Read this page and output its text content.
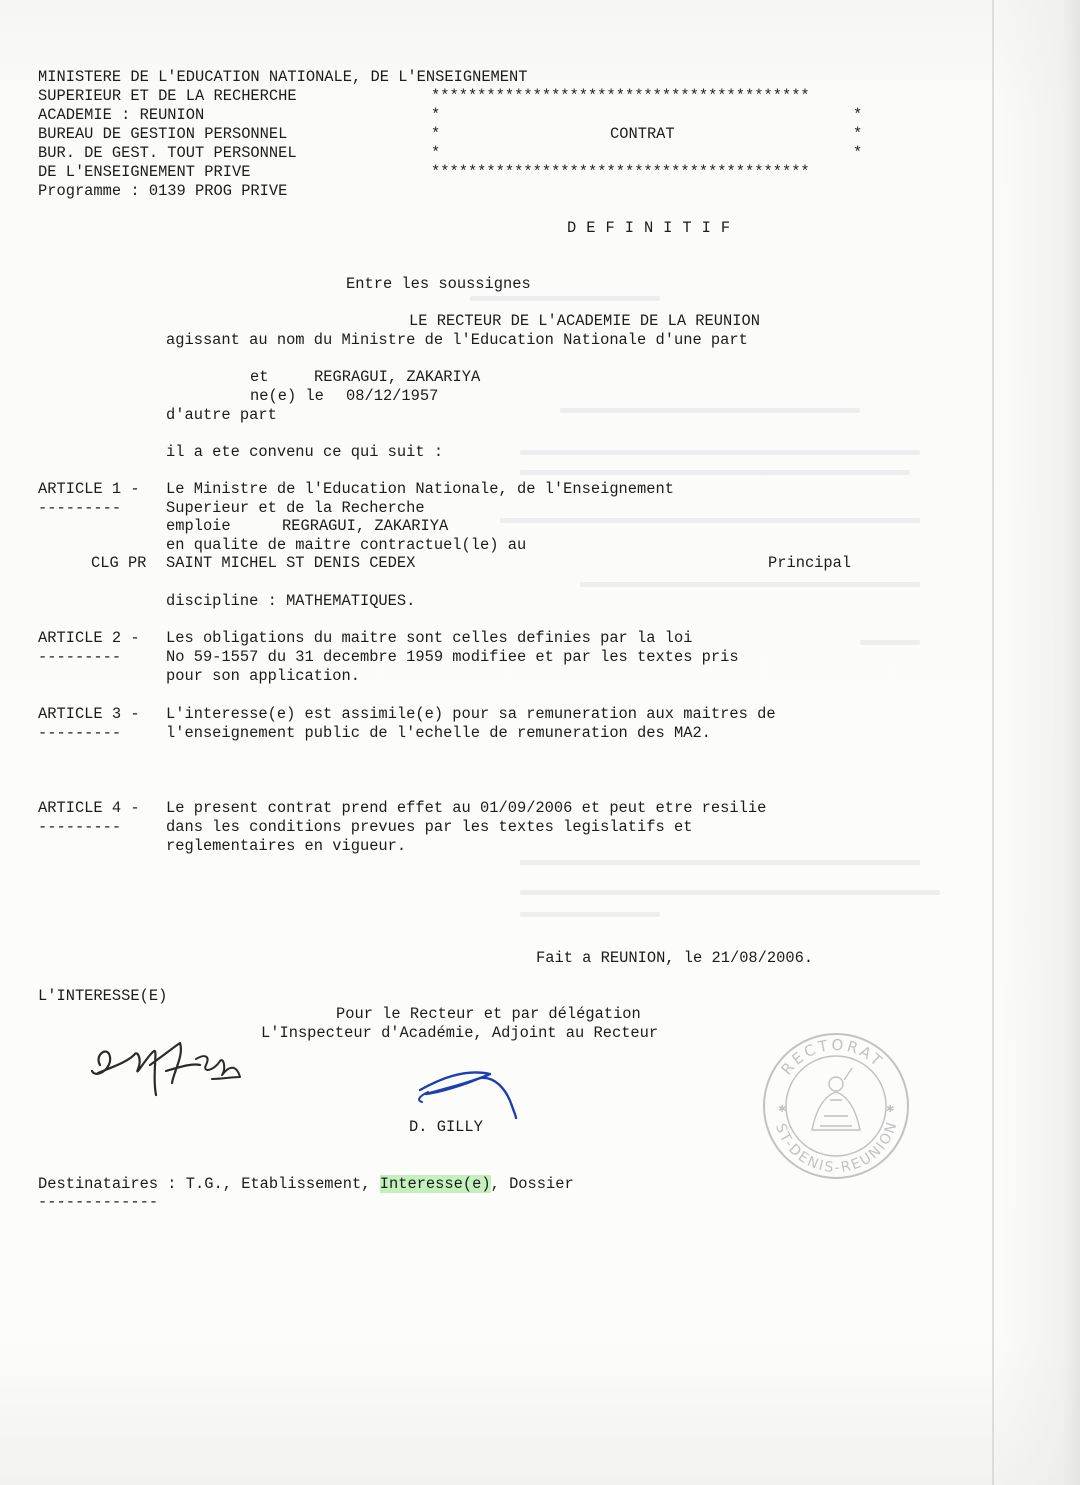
MINISTERE DE L'EDUCATION NATIONALE, DE L'ENSEIGNEMENT
SUPERIEUR ET DE LA RECHERCHE
ACADEMIE : REUNION
BUREAU DE GESTION PERSONNEL
BUR. DE GEST. TOUT PERSONNEL
DE L'ENSEIGNEMENT PRIVE
Programme : 0139 PROG PRIVE
*****************************************
*	*
*	CONTRAT	*
*	*
*****************************************
DEFINITIF
Entre les soussignes
LE RECTEUR DE L'ACADEMIE DE LA REUNION
agissant au nom du Ministre de l'Education Nationale d'une part
et	REGRAGUI, ZAKARIYA
ne(e) le 08/12/1957
d'autre part
il a ete convenu ce qui suit :
ARTICLE 1 -
---------
Le Ministre de l'Education Nationale, de l'Enseignement
Superieur et de la Recherche
emploie	REGRAGUI, ZAKARIYA
en qualite de maitre contractuel(le) au
CLG PR SAINT MICHEL ST DENIS CEDEX	Principal
discipline : MATHEMATIQUES.
ARTICLE 2 -
---------
Les obligations du maitre sont celles definies par la loi
No 59-1557 du 31 decembre 1959 modifiee et par les textes pris
pour son application.
ARTICLE 3 -
---------
L'interesse(e) est assimile(e) pour sa remuneration aux maitres de
l'enseignement public de l'echelle de remuneration des MA2.
ARTICLE 4 -
---------
Le present contrat prend effet au 01/09/2006 et peut etre resilie
dans les conditions prevues par les textes legislatifs et
reglementaires en vigueur.
Fait a REUNION, le 21/08/2006.
L'INTERESSE(E)
Pour le Recteur et par délégation
L'Inspecteur d'Académie, Adjoint au Recteur
D. GILLY
Destinataires : T.G., Etablissement, Interesse(e), Dossier
-------------
RECTORAT
ST-DENIS-REUNION
✱	✱
